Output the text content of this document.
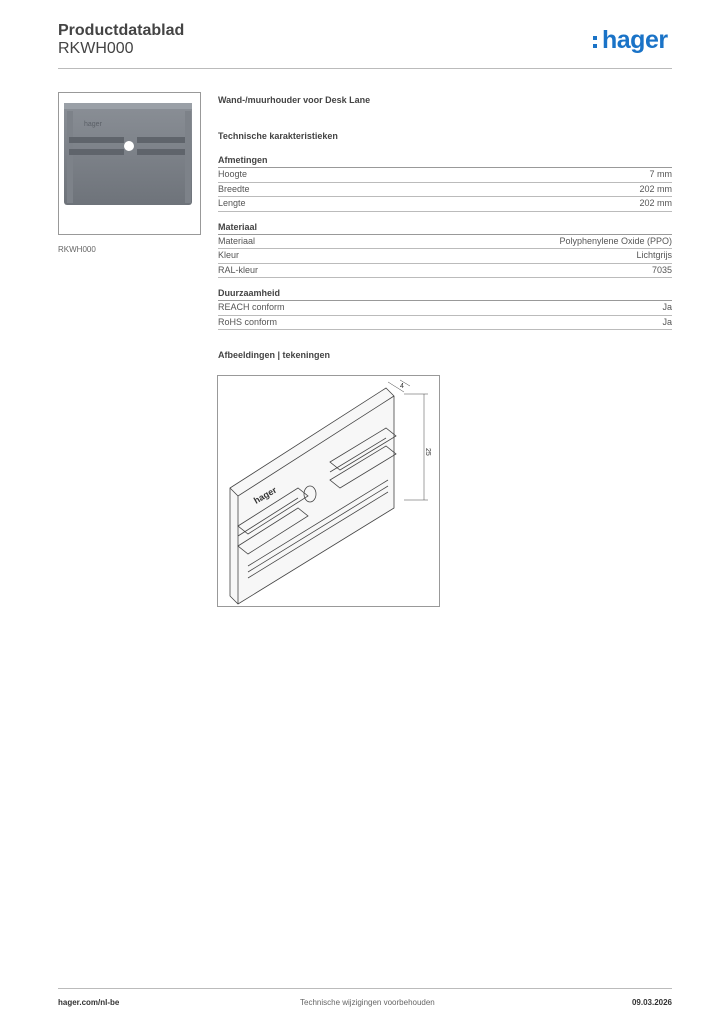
Productdatablad
RKWH000	hager
hager
RKWH000
Wand-/muurhouder voor Desk Lane
Technische karakteristieken
Afmetingen
Hoogte	7 mm
Breedte	202 mm
Lengte	202 mm
Materiaal
Materiaal	Polyphenylene Oxide (PPO)
Kleur	Lichtgrijs
RAL-kleur	7035
Duurzaamheid
REACH conform	Ja
RoHS conform	Ja
Afbeeldingen | tekeningen
4
25
hager
hager.com/nl-be	Technische wijzigingen voorbehouden	09.03.2026
